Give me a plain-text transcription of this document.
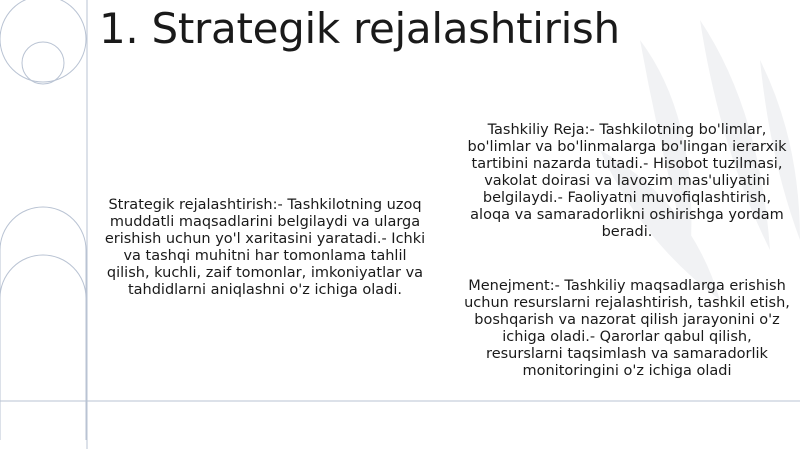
1. Strategik rejalashtirish
Strategik rejalashtirish:- Tashkilotning uzoq muddatli maqsadlarini belgilaydi va ularga erishish uchun yo'l xaritasini yaratadi.- Ichki va tashqi muhitni har tomonlama tahlil qilish, kuchli, zaif tomonlar, imkoniyatlar va tahdidlarni aniqlashni o'z ichiga oladi.
Tashkiliy Reja:- Tashkilotning bo'limlar, bo'limlar va bo'linmalarga bo'lingan ierarxik tartibini nazarda tutadi.- Hisobot tuzilmasi, vakolat doirasi va lavozim mas'uliyatini belgilaydi.- Faoliyatni muvofiqlashtirish, aloqa va samaradorlikni oshirishga yordam beradi.
Menejment:- Tashkiliy maqsadlarga erishish uchun resurslarni rejalashtirish, tashkil etish, boshqarish va nazorat qilish jarayonini o'z ichiga oladi.- Qarorlar qabul qilish, resurslarni taqsimlash va samaradorlik monitoringini o'z ichiga oladi
